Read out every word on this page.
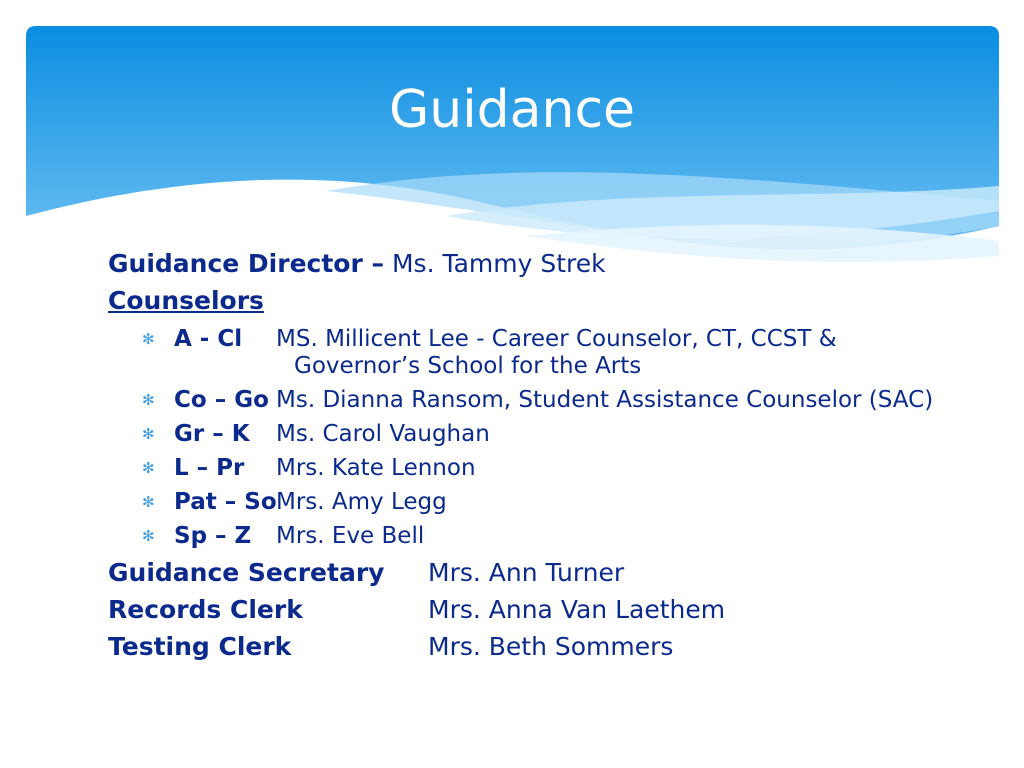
Guidance
Guidance Director – Ms. Tammy Strek
Counselors
✻ A - Cl MS. Millicent Lee - Career Counselor, CT, CCST &
Governor’s School for the Arts
✻ Co – Go Ms. Dianna Ransom, Student Assistance Counselor (SAC)
✻ Gr – K Ms. Carol Vaughan
✻ L – Pr Mrs. Kate Lennon
✻ Pat – So Mrs. Amy Legg
✻ Sp – Z Mrs. Eve Bell
Guidance Secretary Mrs. Ann Turner
Records Clerk	Mrs. Anna Van Laethem
Testing Clerk	Mrs. Beth Sommers
